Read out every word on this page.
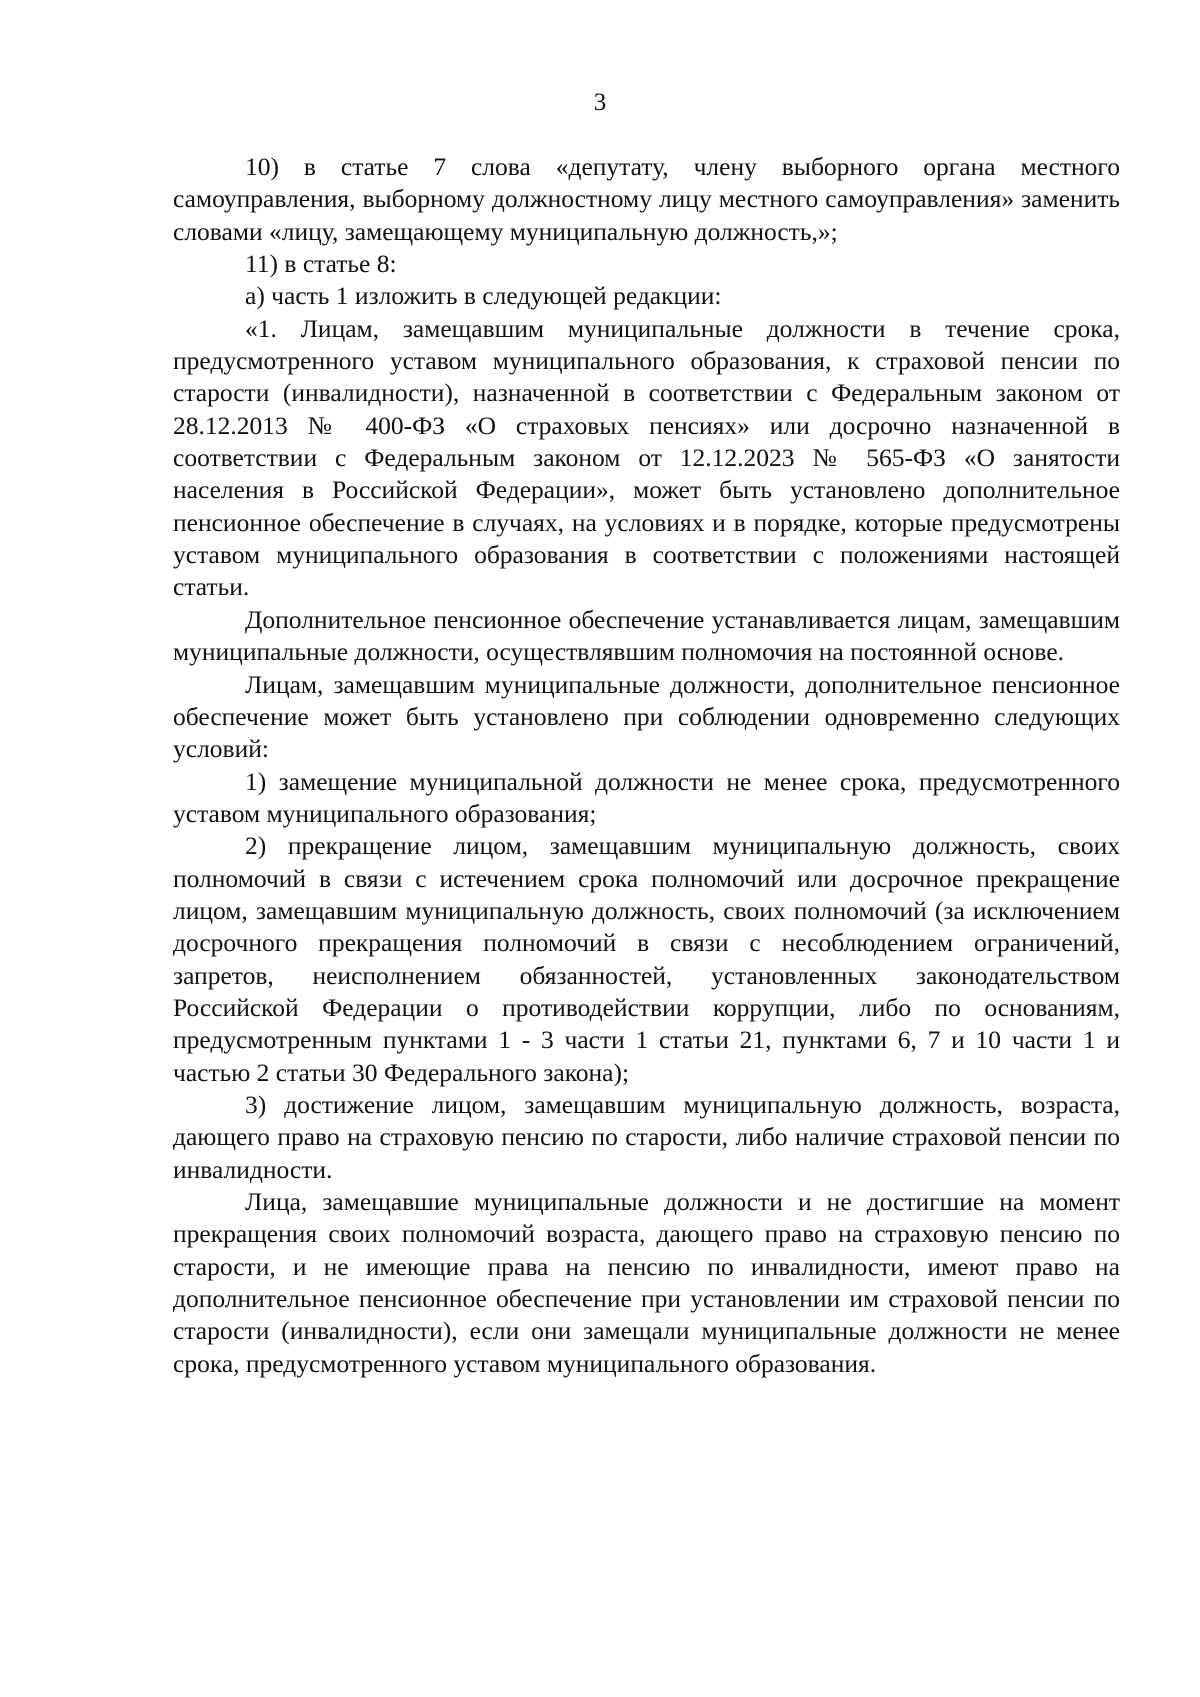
3

10) в статье 7 слова «депутату, члену выборного органа местного самоуправления, выборному должностному лицу местного самоуправления» заменить словами «лицу, замещающему муниципальную должность,»;

11) в статье 8:

а) часть 1 изложить в следующей редакции:

«1. Лицам, замещавшим муниципальные должности в течение срока, предусмотренного уставом муниципального образования, к страховой пенсии по старости (инвалидности), назначенной в соответствии с Федеральным законом от 28.12.2013 № 400-ФЗ «О страховых пенсиях» или досрочно назначенной в соответствии с Федеральным законом от 12.12.2023 № 565-ФЗ «О занятости населения в Российской Федерации», может быть установлено дополнительное пенсионное обеспечение в случаях, на условиях и в порядке, которые предусмотрены уставом муниципального образования в соответствии с положениями настоящей статьи.

Дополнительное пенсионное обеспечение устанавливается лицам, замещавшим муниципальные должности, осуществлявшим полномочия на постоянной основе.

Лицам, замещавшим муниципальные должности, дополнительное пенсионное обеспечение может быть установлено при соблюдении одновременно следующих условий:

1) замещение муниципальной должности не менее срока, предусмотренного уставом муниципального образования;

2) прекращение лицом, замещавшим муниципальную должность, своих полномочий в связи с истечением срока полномочий или досрочное прекращение лицом, замещавшим муниципальную должность, своих полномочий (за исключением досрочного прекращения полномочий в связи с несоблюдением ограничений, запретов, неисполнением обязанностей, установленных законодательством Российской Федерации о противодействии коррупции, либо по основаниям, предусмотренным пунктами 1 - 3 части 1 статьи 21, пунктами 6, 7 и 10 части 1 и частью 2 статьи 30 Федерального закона);

3) достижение лицом, замещавшим муниципальную должность, возраста, дающего право на страховую пенсию по старости, либо наличие страховой пенсии по инвалидности.

Лица, замещавшие муниципальные должности и не достигшие на момент прекращения своих полномочий возраста, дающего право на страховую пенсию по старости, и не имеющие права на пенсию по инвалидности, имеют право на дополнительное пенсионное обеспечение при установлении им страховой пенсии по старости (инвалидности), если они замещали муниципальные должности не менее срока, предусмотренного уставом муниципального образования.
